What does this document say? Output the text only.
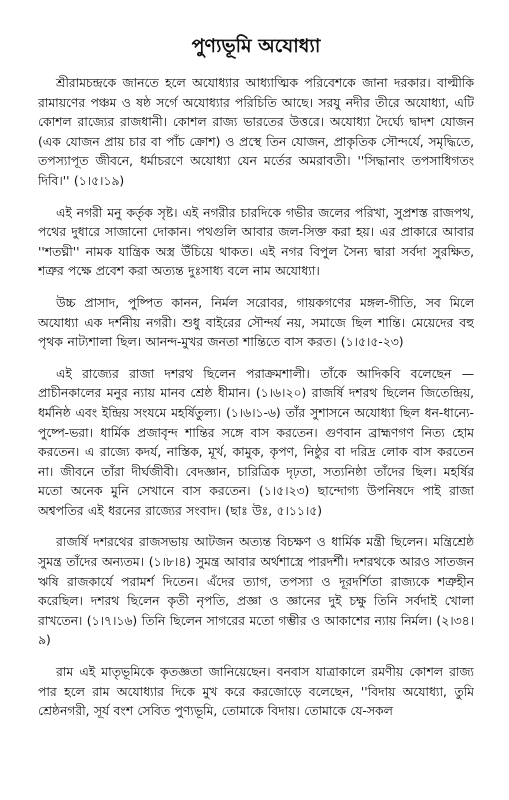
পুণ্যভূমি অযোধ্যা

শ্রীরামচন্দ্রকে জানতে হলে অযোধ্যার আধ্যাত্মিক পরিবেশকে জানা দরকার। বাল্মীকি রামায়ণের পঞ্চম ও ষষ্ঠ সর্গে অযোধ্যার পরিচিতি আছে। সরযু নদীর তীরে অযোধ্যা, এটি কোশল রাজ্যের রাজধানী। কোশল রাজ্য ভারতের উত্তরে। অযোধ্যা দৈর্ঘ্যে দ্বাদশ যোজন (এক যোজন প্রায় চার বা পাঁচ ক্রোশ) ও প্রস্থে তিন যোজন, প্রাকৃতিক সৌন্দর্যে, সমৃদ্ধিতে, তপস্যাপূত জীবনে, ধর্মাচরণে অযোধ্যা যেন মর্তের অমরাবতী। ''সিদ্ধানাং তপসাধিগতং দিবি।'' (১।৫।১৯)

এই নগরী মনু কর্তৃক সৃষ্ট। এই নগরীর চারদিকে গভীর জলের পরিখা, সুপ্রশস্ত রাজপথ, পথের দুধারে সাজানো দোকান। পথগুলি আবার জল-সিক্ত করা হয়। এর প্রাকারে আবার ''শতঘ্নী'' নামক যান্ত্রিক অস্ত্র উঁচিয়ে থাকত। এই নগর বিপুল সৈন্য দ্বারা সর্বদা সুরক্ষিত, শত্রুর পক্ষে প্রবেশ করা অত্যন্ত দুঃসাধ্য বলে নাম অযোধ্যা।

উচ্চ প্রাসাদ, পুষ্পিত কানন, নির্মল সরোবর, গায়কগণের মঙ্গল-গীতি, সব মিলে অযোধ্যা এক দর্শনীয় নগরী। শুধু বাইরের সৌন্দর্য নয়, সমাজে ছিল শান্তি। মেয়েদের বহু পৃথক নাট্যশালা ছিল। আনন্দ-মুখর জনতা শান্তিতে বাস করত। (১।৫।৫-২৩)

এই রাজ্যের রাজা দশরথ ছিলেন পরাক্রমশালী। তাঁকে আদিকবি বলেছেন — প্রাচীনকালের মনুর ন্যায় মানব শ্রেষ্ঠ ধীমান। (১।৬।২০) রাজর্ষি দশরথ ছিলেন জিতেন্দ্রিয়, ধর্মনিষ্ঠ এবং ইন্দ্রিয় সংযমে মহর্ষিতুল্য। (১।৬।১-৬) তাঁর সুশাসনে অযোধ্যা ছিল ধন-ধান্যে-পুষ্পে-ভরা। ধার্মিক প্রজাবৃন্দ শান্তির সঙ্গে বাস করতেন। গুণবান ব্রাহ্মণগণ নিত্য হোম করতেন। এ রাজ্যে কদর্য, নাস্তিক, মূর্খ, কামুক, কৃপণ, নিষ্ঠুর বা দরিদ্র লোক বাস করতেন না। জীবনে তাঁরা দীর্ঘজীবী। বেদজ্ঞান, চারিত্রিক দৃঢ়তা, সত্যনিষ্ঠা তাঁদের ছিল। মহর্ষির মতো অনেক মুনি সেখানে বাস করতেন। (১।৫।২৩) ছান্দোগ্য উপনিষদে পাই রাজা অশ্বপতির এই ধরনের রাজ্যের সংবাদ। (ছাঃ উঃ, ৫।১১।৫)

রাজর্ষি দশরথের রাজসভায় আটজন অত্যন্ত বিচক্ষণ ও ধার্মিক মন্ত্রী ছিলেন। মন্ত্রিশ্রেষ্ঠ সুমন্ত্র তাঁদের অন্যতম। (১।৮।৪) সুমন্ত্র আবার অর্থশাস্ত্রে পারদর্শী। দশরথকে আরও সাতজন ঋষি রাজকার্যে পরামর্শ দিতেন। এঁদের ত্যাগ, তপস্যা ও দূরদর্শিতা রাজ্যকে শত্রুহীন করেছিল। দশরথ ছিলেন কৃতী নৃপতি, প্রজ্ঞা ও জ্ঞানের দুই চক্ষু তিনি সর্বদাই খোলা রাখতেন। (১।৭।১৬) তিনি ছিলেন সাগরের মতো গম্ভীর ও আকাশের ন্যায় নির্মল। (২।৩৪।৯)

রাম এই মাতৃভূমিকে কৃতজ্ঞতা জানিয়েছেন। বনবাস যাত্রাকালে রমণীয় কোশল রাজ্য পার হলে রাম অযোধ্যার দিকে মুখ করে করজোড়ে বলেছেন, ''বিদায় অযোধ্যা, তুমি শ্রেষ্ঠনগরী, সূর্য বংশ সেবিত পুণ্যভূমি, তোমাকে বিদায়। তোমাকে যে-সকল
